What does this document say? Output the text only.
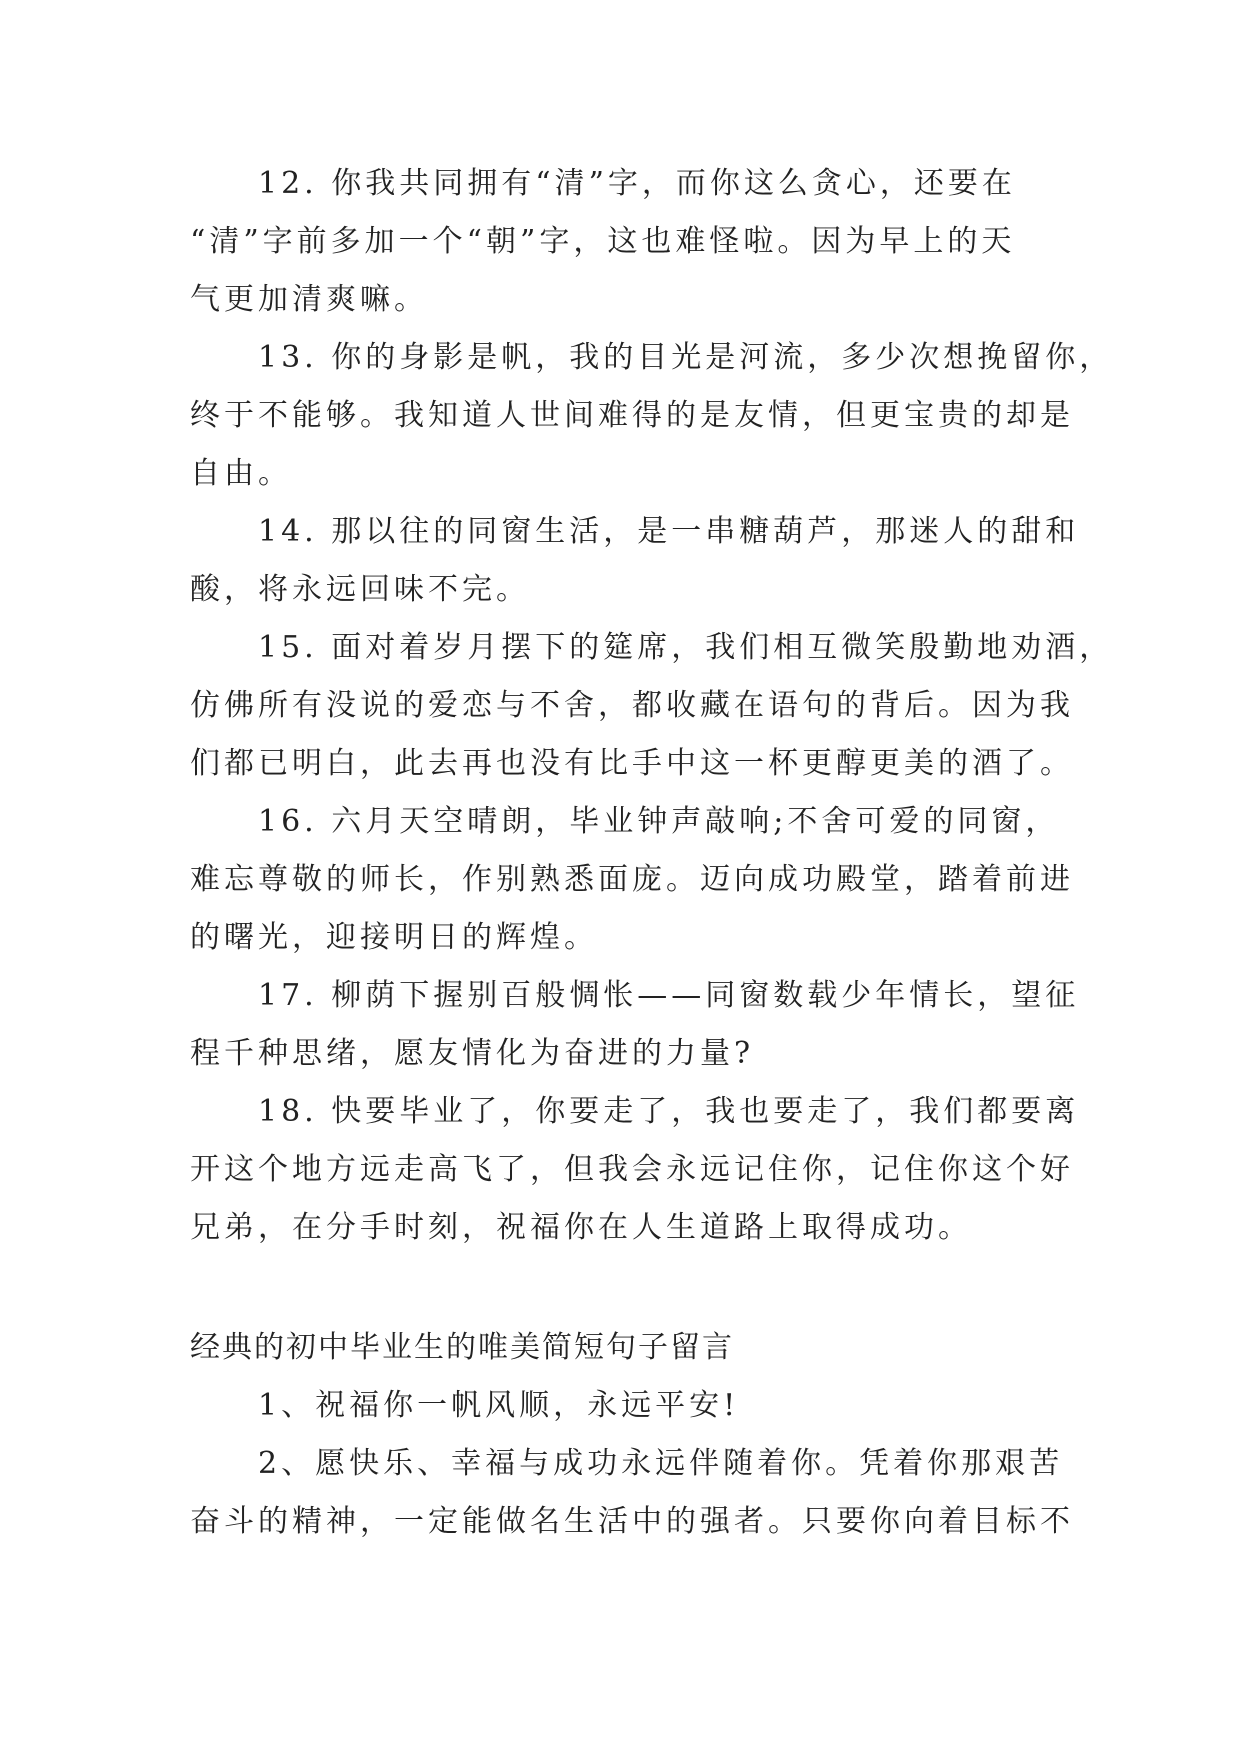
12. 你我共同拥有“清”字，而你这么贪心，还要在
“清”字前多加一个“朝”字，这也难怪啦。因为早上的天
气更加清爽嘛。
13. 你的身影是帆，我的目光是河流，多少次想挽留你，
终于不能够。我知道人世间难得的是友情，但更宝贵的却是
自由。
14. 那以往的同窗生活，是一串糖葫芦，那迷人的甜和
酸，将永远回味不完。
15. 面对着岁月摆下的筵席，我们相互微笑殷勤地劝酒，
仿佛所有没说的爱恋与不舍，都收藏在语句的背后。因为我
们都已明白，此去再也没有比手中这一杯更醇更美的酒了。
16. 六月天空晴朗，毕业钟声敲响;不舍可爱的同窗，
难忘尊敬的师长，作别熟悉面庞。迈向成功殿堂，踏着前进
的曙光，迎接明日的辉煌。
17. 柳荫下握别百般惆怅——同窗数载少年情长，望征
程千种思绪，愿友情化为奋进的力量?
18. 快要毕业了，你要走了，我也要走了，我们都要离
开这个地方远走高飞了，但我会永远记住你，记住你这个好
兄弟，在分手时刻，祝福你在人生道路上取得成功。
经典的初中毕业生的唯美简短句子留言
1、祝福你一帆风顺，永远平安!
2、愿快乐、幸福与成功永远伴随着你。凭着你那艰苦
奋斗的精神，一定能做名生活中的强者。只要你向着目标不
